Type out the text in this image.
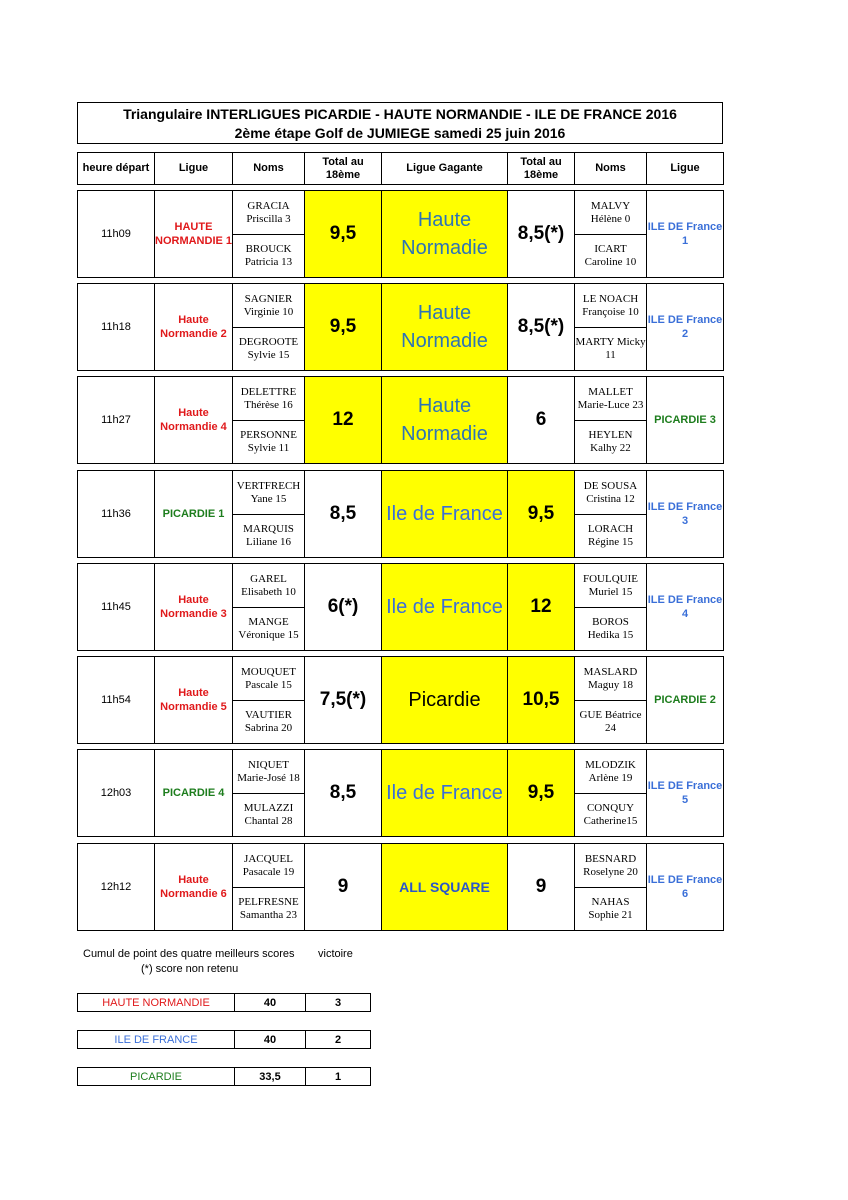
Triangulaire INTERLIGUES PICARDIE - HAUTE NORMANDIE - ILE DE FRANCE 2016
2ème étape Golf de JUMIEGE samedi 25 juin 2016
heure départ	Ligue	Noms	Total au 18ème	Ligue Gagante	Total au 18ème	Noms	Ligue
11h09	HAUTE NORMANDIE 1	GRACIA Priscilla 3	9,5	Haute Normadie	8,5(*)	MALVY Hélène 0	ILE DE France 1
		BROUCK Patricia 13				ICART Caroline 10	
11h18	Haute Normandie 2	SAGNIER Virginie 10	9,5	Haute Normadie	8,5(*)	LE NOACH Françoise 10	ILE DE France 2
		DEGROOTE Sylvie 15				MARTY Micky 11	
11h27	Haute Normandie 4	DELETTRE Thérèse 16	12	Haute Normadie	6	MALLET Marie-Luce 23	PICARDIE 3
		PERSONNE Sylvie 11				HEYLEN Kalhy 22	
11h36	PICARDIE 1	VERTFRECH Yane 15	8,5	Ile de France	9,5	DE SOUSA Cristina 12	ILE DE France 3
		MARQUIS Liliane 16				LORACH Régine 15	
11h45	Haute Normandie 3	GAREL Elisabeth 10	6(*)	Ile de France	12	FOULQUIE Muriel 15	ILE DE France 4
		MANGE Véronique 15				BOROS Hedika 15	
11h54	Haute Normandie 5	MOUQUET Pascale 15	7,5(*)	Picardie	10,5	MASLARD Maguy 18	PICARDIE 2
		VAUTIER Sabrina 20				GUE Béatrice 24	
12h03	PICARDIE 4	NIQUET Marie-José 18	8,5	Ile de France	9,5	MLODZIK Arlène 19	ILE DE France 5
		MULAZZI Chantal 28				CONQUY Catherine15	
12h12	Haute Normandie 6	JACQUEL Pasacale 19	9	ALL SQUARE	9	BESNARD Roselyne 20	ILE DE France 6
		PELFRESNE Samantha 23				NAHAS Sophie 21	
Cumul de point des quatre meilleurs scores
(*) score non retenu
victoire
HAUTE NORMANDIE	40	3
ILE DE FRANCE	40	2
PICARDIE	33,5	1
